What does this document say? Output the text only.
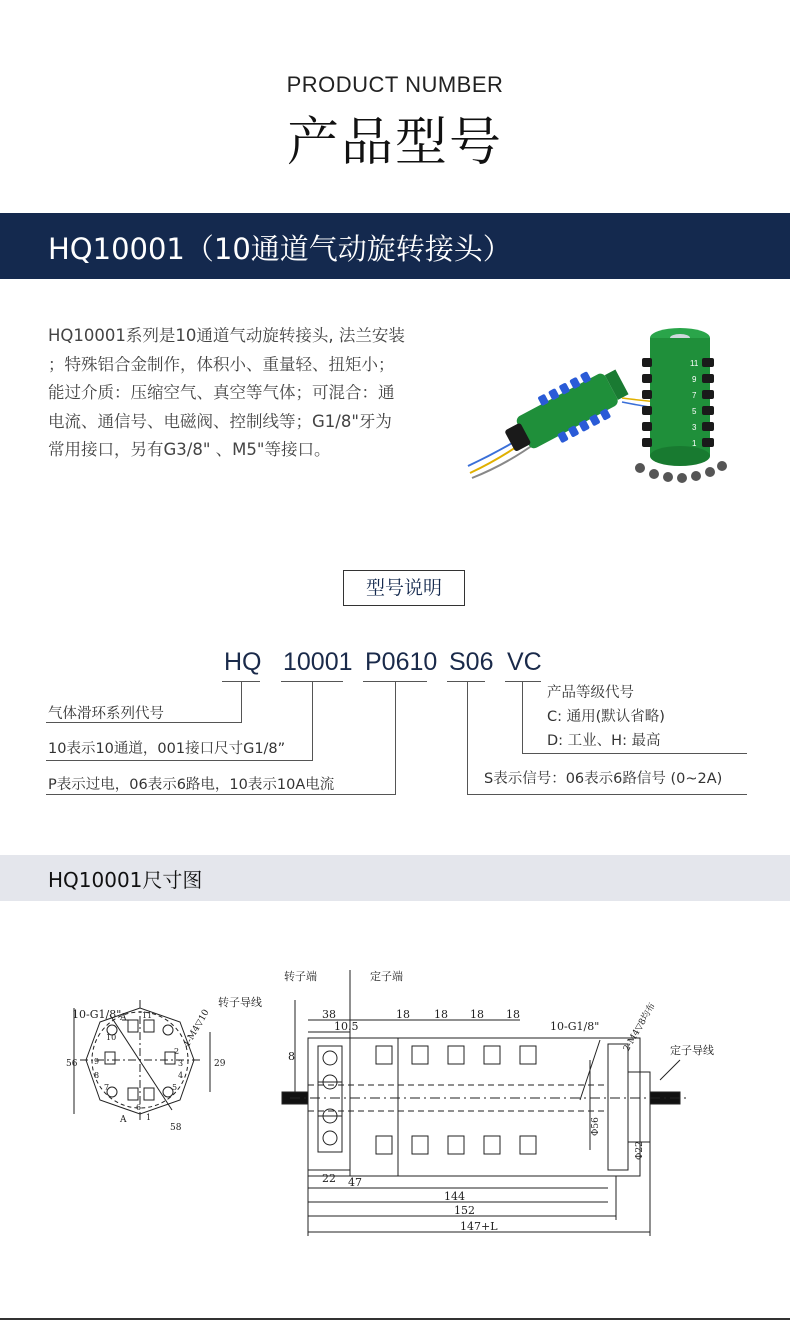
PRODUCT NUMBER
产品型号
HQ10001（10通道气动旋转接头）
HQ10001系列是10通道气动旋转接头, 法兰安装
；特殊铝合金制作，体积小、重量轻、扭矩小；
能过介质：压缩空气、真空等气体；可混合：通
电流、通信号、电磁阀、控制线等；G1/8"牙为
常用接口，另有G3/8" 、M5"等接口。
11
9
7
5
3
1
型号说明
HQ 10001 P0610 S06 VC
气体滑环系列代号
10表示10通道，001接口尺寸G1/8”
P表示过电，06表示6路电，10表示10A电流	S表示信号：06表示6路信号 (0~2A)
产品等级代号
C: 通用(默认省略)
D: 工业、H: 最高
HQ10001尺寸图
转子端	定子端
转子导线
定子导线
10-G1/8"
10-G1/8"
4-M4▽10	2-M4▽8均布
38
10.5
18 18 18 18
8
22 47
144
152
147+L
Φ56
Φ22
56	29
58
A
A 1
2
3
4
5
6
7
8
9
10
11
